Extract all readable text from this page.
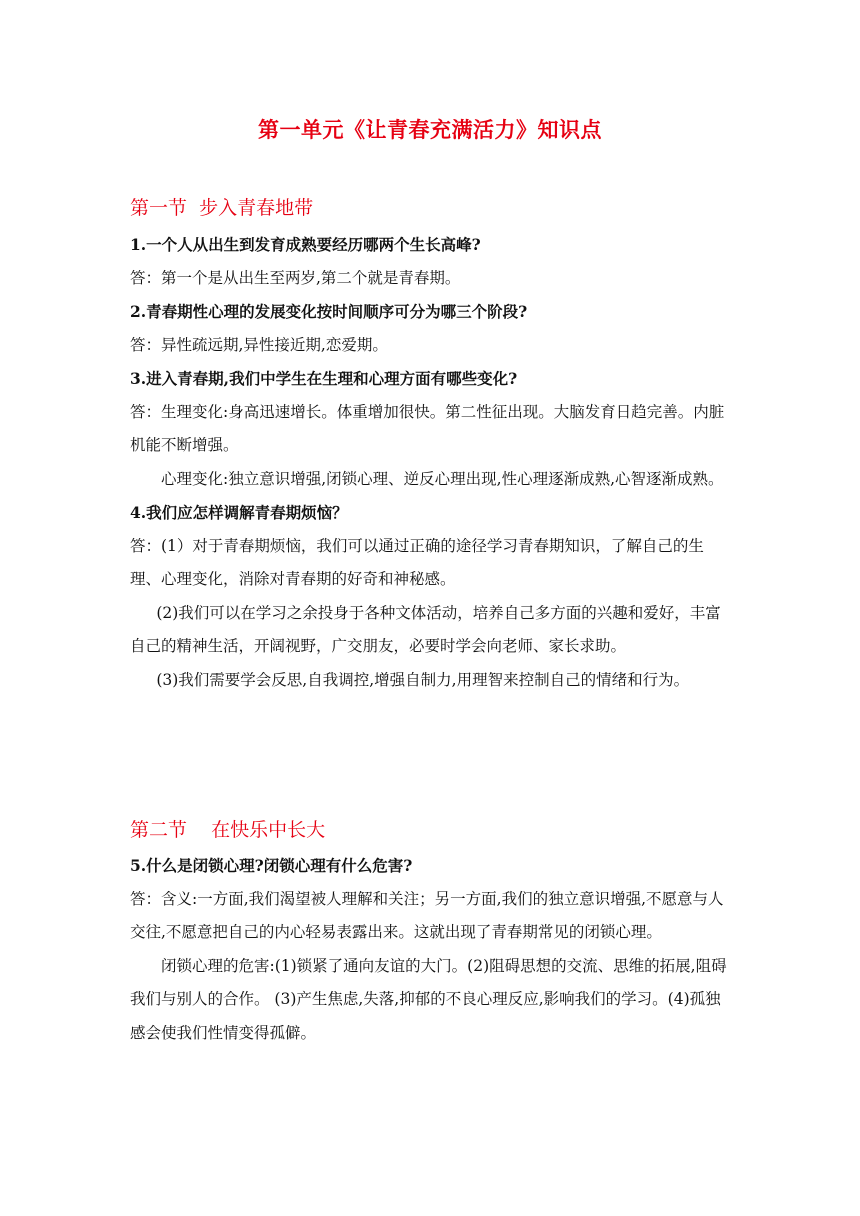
第一单元《让青春充满活力》知识点
第一节  步入青春地带

1.一个人从出生到发育成熟要经历哪两个生长高峰?

答：第一个是从出生至两岁,第二个就是青春期。

2.青春期性心理的发展变化按时间顺序可分为哪三个阶段?

答：异性疏远期,异性接近期,恋爱期。

3.进入青春期,我们中学生在生理和心理方面有哪些变化?

答：生理变化:身高迅速增长。体重增加很快。第二性征出现。大脑发育日趋完善。内脏机能不断增强。

心理变化:独立意识增强,闭锁心理、逆反心理出现,性心理逐渐成熟,心智逐渐成熟。

4.我们应怎样调解青春期烦恼？

答：(1）对于青春期烦恼，我们可以通过正确的途径学习青春期知识，了解自己的生理、心理变化，消除对青春期的好奇和神秘感。

(2)我们可以在学习之余投身于各种文体活动，培养自己多方面的兴趣和爱好，丰富自己的精神生活，开阔视野，广交朋友，必要时学会向老师、家长求助。

(3)我们需要学会反思,自我调控,增强自制力,用理智来控制自己的情绪和行为。

第二节    在快乐中长大

5.什么是闭锁心理?闭锁心理有什么危害?

答：含义:一方面,我们渴望被人理解和关注；另一方面,我们的独立意识增强,不愿意与人交往,不愿意把自己的内心轻易表露出来。这就出现了青春期常见的闭锁心理。

闭锁心理的危害:(1)锁紧了通向友谊的大门。(2)阻碍思想的交流、思维的拓展,阻碍我们与别人的合作。 (3)产生焦虑,失落,抑郁的不良心理反应,影响我们的学习。(4)孤独感会使我们性情变得孤僻。
